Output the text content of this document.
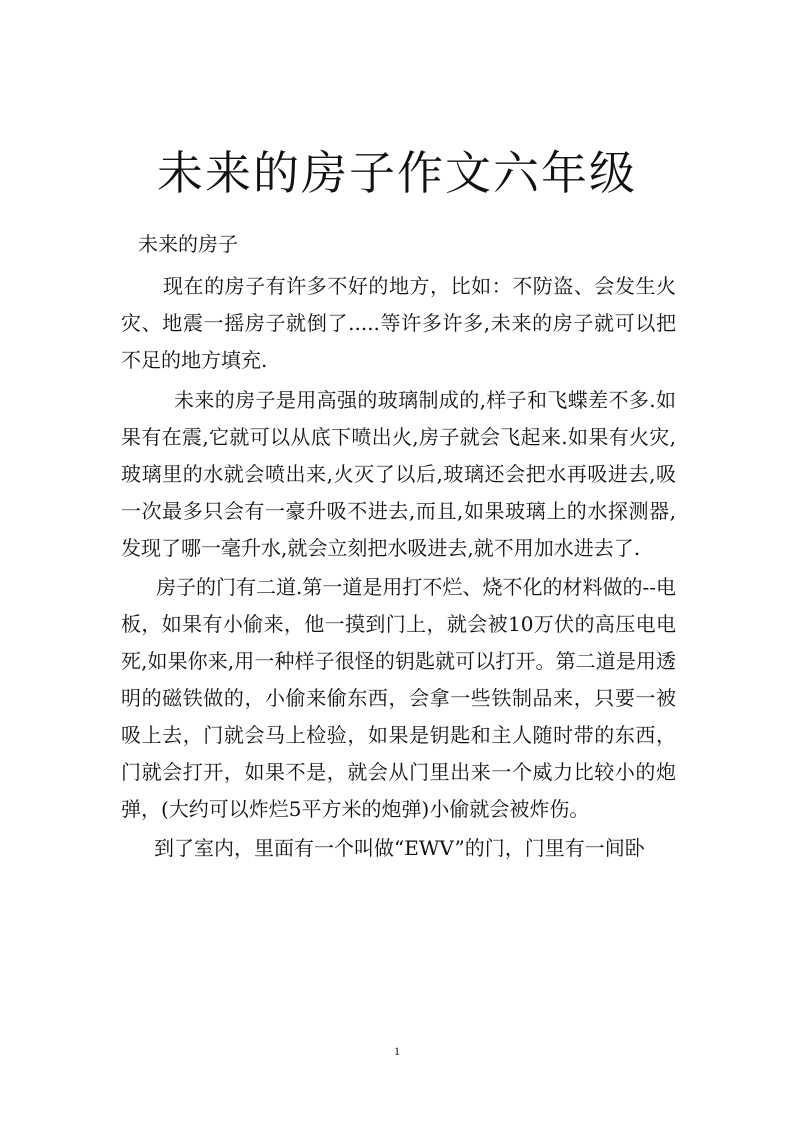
未来的房子作文六年级

未来的房子

现在的房子有许多不好的地方，比如：不防盗、会发生火灾、地震一摇房子就倒了.....等许多许多,未来的房子就可以把不足的地方填充.

未来的房子是用高强的玻璃制成的,样子和飞蝶差不多.如果有在震,它就可以从底下喷出火,房子就会飞起来.如果有火灾,玻璃里的水就会喷出来,火灭了以后,玻璃还会把水再吸进去,吸一次最多只会有一豪升吸不进去,而且,如果玻璃上的水探测器,发现了哪一毫升水,就会立刻把水吸进去,就不用加水进去了.

房子的门有二道.第一道是用打不烂、烧不化的材料做的--电板，如果有小偷来，他一摸到门上，就会被10万伏的高压电电死,如果你来,用一种样子很怪的钥匙就可以打开。第二道是用透明的磁铁做的，小偷来偷东西，会拿一些铁制品来，只要一被吸上去，门就会马上检验，如果是钥匙和主人随时带的东西，门就会打开，如果不是，就会从门里出来一个威力比较小的炮弹，(大约可以炸烂5平方米的炮弹)小偷就会被炸伤。

到了室内，里面有一个叫做“EWV”的门，门里有一间卧

1
